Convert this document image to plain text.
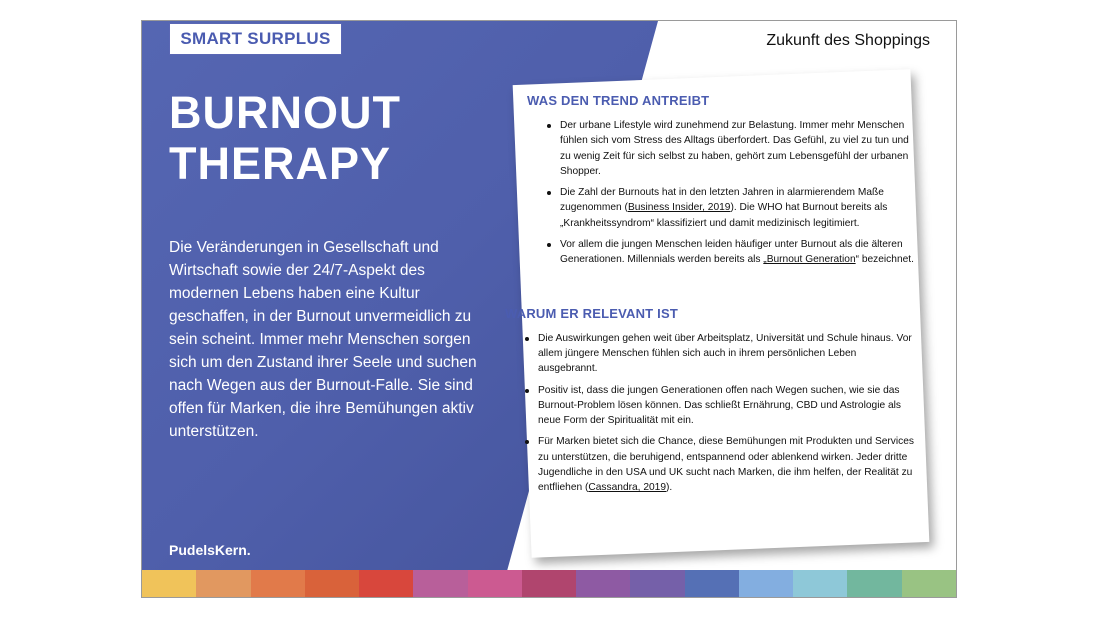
SMART SURPLUS	Zukunft des Shoppings
BURNOUT
THERAPY

Die Veränderungen in Gesellschaft und Wirtschaft sowie der 24/7-Aspekt des modernen Lebens haben eine Kultur geschaffen, in der Burnout unvermeidlich zu sein scheint. Immer mehr Menschen sorgen sich um den Zustand ihrer Seele und suchen nach Wegen aus der Burnout-Falle. Sie sind offen für Marken, die ihre Bemühungen aktiv unterstützen.

PudelsKern.
WAS DEN TREND ANTREIBT
Der urbane Lifestyle wird zunehmend zur Belastung. Immer mehr Menschen fühlen sich vom Stress des Alltags überfordert. Das Gefühl, zu viel zu tun und zu wenig Zeit für sich selbst zu haben, gehört zum Lebensgefühl der urbanen Shopper.
Die Zahl der Burnouts hat in den letzten Jahren in alarmierendem Maße zugenommen (Business Insider, 2019). Die WHO hat Burnout bereits als „Krankheitssyndrom“ klassifiziert und damit medizinisch legitimiert.
Vor allem die jungen Menschen leiden häufiger unter Burnout als die älteren Generationen. Millennials werden bereits als „Burnout Generation“ bezeichnet.
WARUM ER RELEVANT IST
Die Auswirkungen gehen weit über Arbeitsplatz, Universität und Schule hinaus. Vor allem jüngere Menschen fühlen sich auch in ihrem persönlichen Leben ausgebrannt.
Positiv ist, dass die jungen Generationen offen nach Wegen suchen, wie sie das Burnout-Problem lösen können. Das schließt Ernährung, CBD und Astrologie als neue Form der Spiritualität mit ein.
Für Marken bietet sich die Chance, diese Bemühungen mit Produkten und Services zu unterstützen, die beruhigend, entspannend oder ablenkend wirken. Jeder dritte Jugendliche in den USA und UK sucht nach Marken, die ihm helfen, der Realität zu entfliehen (Cassandra, 2019).
